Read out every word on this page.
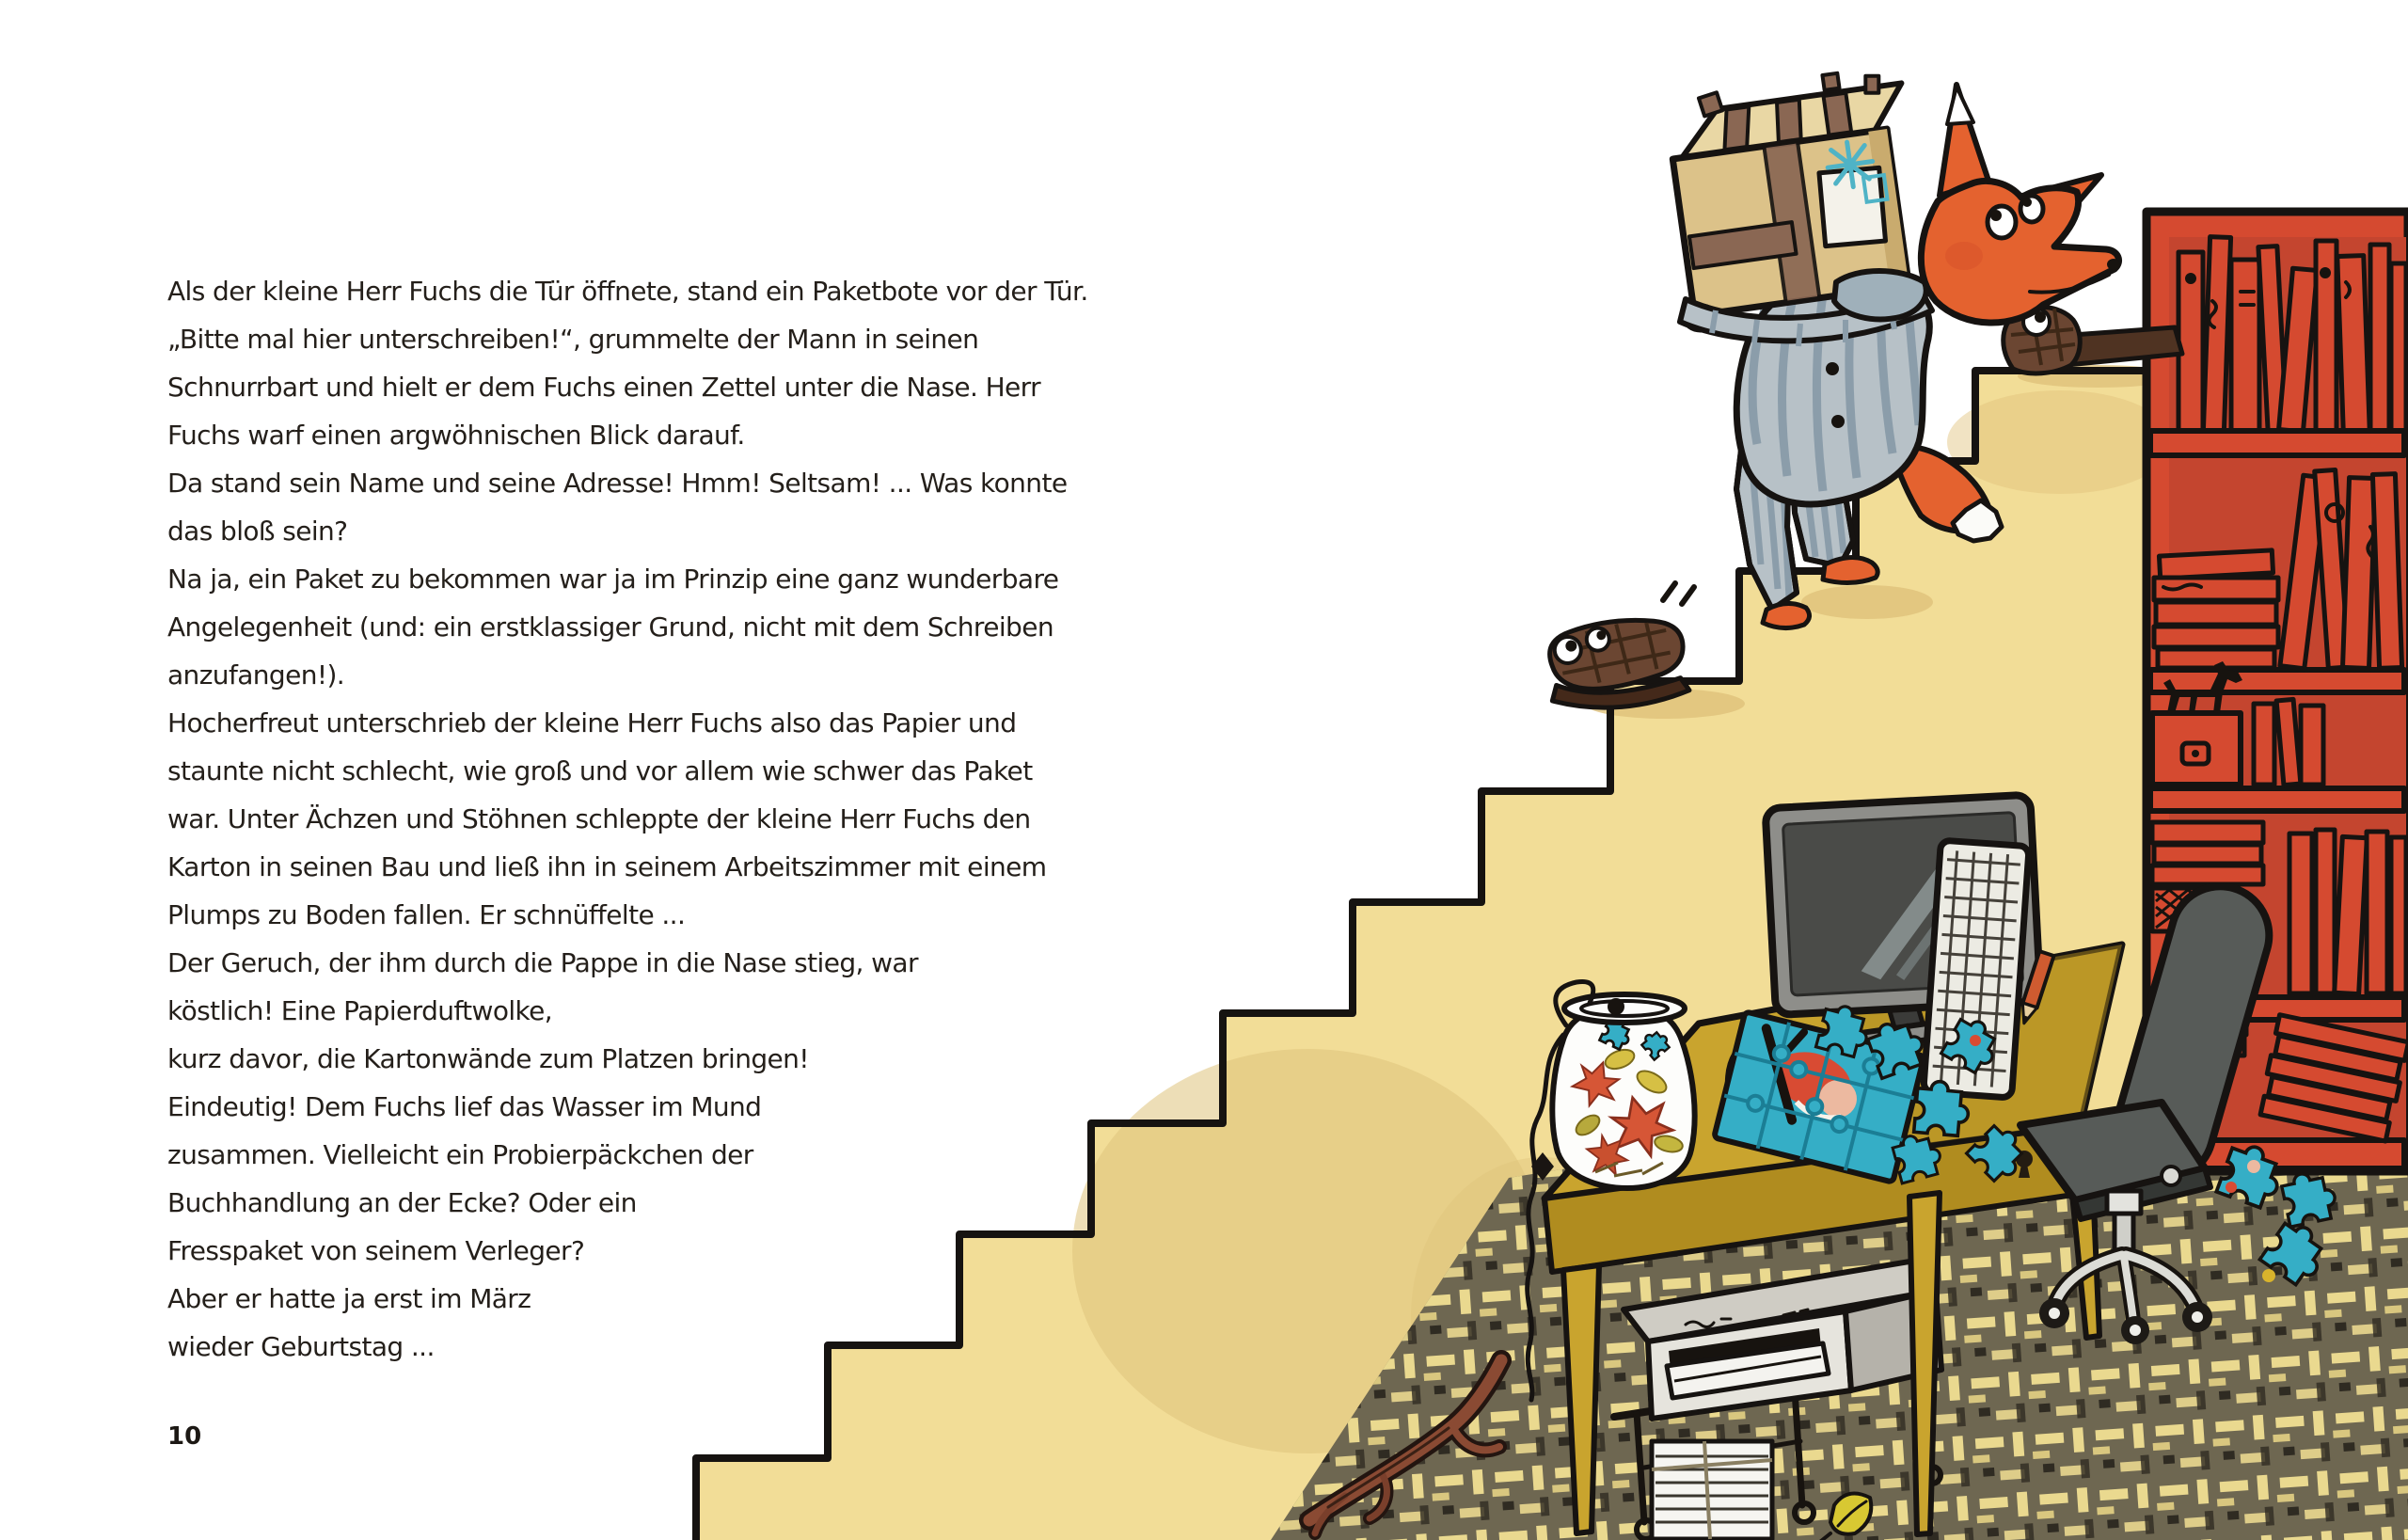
Als der kleine Herr Fuchs die Tür öffnete, stand ein Paketbote vor der Tür.
„Bitte mal hier unterschreiben!“, grummelte der Mann in seinen
Schnurrbart und hielt er dem Fuchs einen Zettel unter die Nase. Herr
Fuchs warf einen argwöhnischen Blick darauf.
Da stand sein Name und seine Adresse! Hmm! Seltsam! ... Was konnte
das bloß sein?
Na ja, ein Paket zu bekommen war ja im Prinzip eine ganz wunderbare
Angelegenheit (und: ein erstklassiger Grund, nicht mit dem Schreiben
anzufangen!).
Hocherfreut unterschrieb der kleine Herr Fuchs also das Papier und
staunte nicht schlecht, wie groß und vor allem wie schwer das Paket
war. Unter Ächzen und Stöhnen schleppte der kleine Herr Fuchs den
Karton in seinen Bau und ließ ihn in seinem Arbeitszimmer mit einem
Plumps zu Boden fallen. Er schnüffelte ...
Der Geruch, der ihm durch die Pappe in die Nase stieg, war
köstlich! Eine Papierduftwolke,
kurz davor, die Kartonwände zum Platzen bringen!
Eindeutig! Dem Fuchs lief das Wasser im Mund
zusammen. Vielleicht ein Probierpäckchen der
Buchhandlung an der Ecke? Oder ein
Fresspaket von seinem Verleger?
Aber er hatte ja erst im März
wieder Geburtstag ...
10
